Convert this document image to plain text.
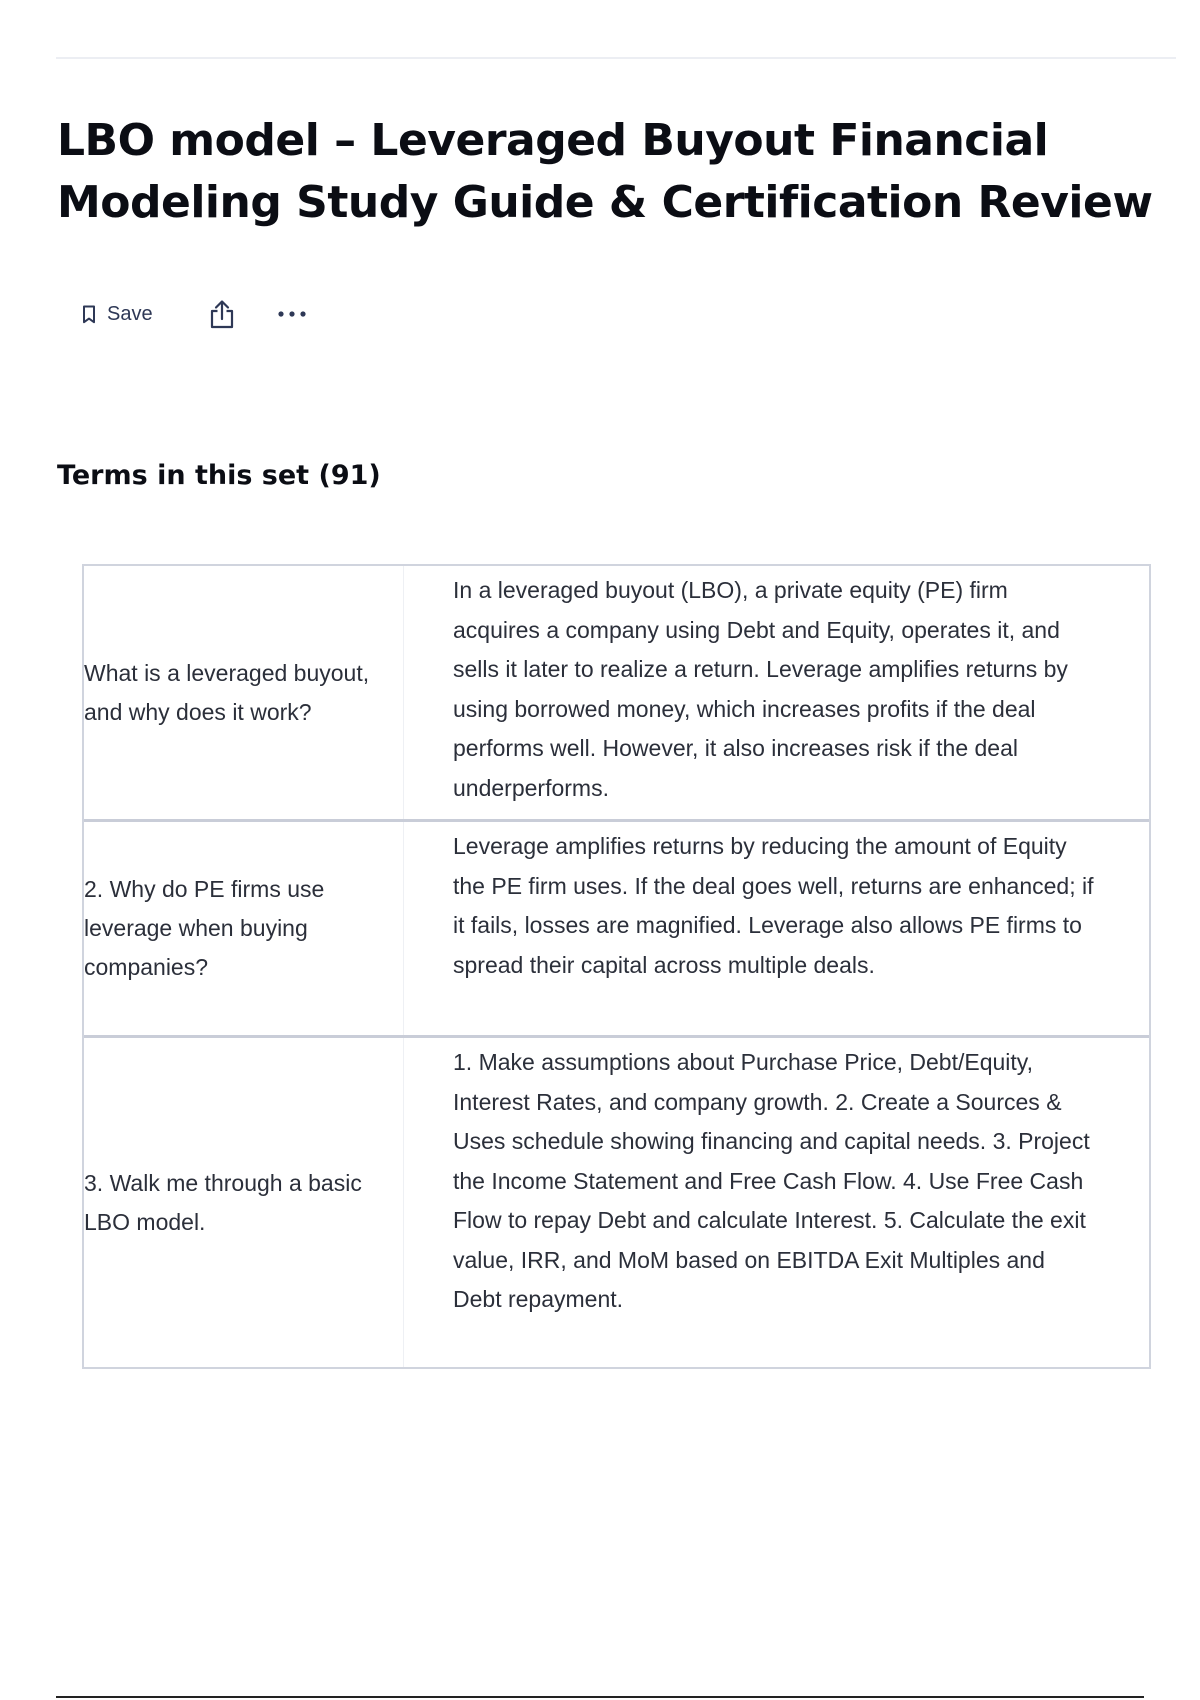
LBO model – Leveraged Buyout Financial Modeling Study Guide & Certification Review
Save
Terms in this set (91)
What is a leveraged buyout, and why does it work?
In a leveraged buyout (LBO), a private equity (PE) firm acquires a company using Debt and Equity, operates it, and sells it later to realize a return. Leverage amplifies returns by using borrowed money, which increases profits if the deal performs well. However, it also increases risk if the deal underperforms.
2. Why do PE firms use leverage when buying companies?
Leverage amplifies returns by reducing the amount of Equity the PE firm uses. If the deal goes well, returns are enhanced; if it fails, losses are magnified. Leverage also allows PE firms to spread their capital across multiple deals.
3. Walk me through a basic LBO model.
1. Make assumptions about Purchase Price, Debt/Equity, Interest Rates, and company growth. 2. Create a Sources & Uses schedule showing financing and capital needs. 3. Project the Income Statement and Free Cash Flow. 4. Use Free Cash Flow to repay Debt and calculate Interest. 5. Calculate the exit value, IRR, and MoM based on EBITDA Exit Multiples and Debt repayment.
